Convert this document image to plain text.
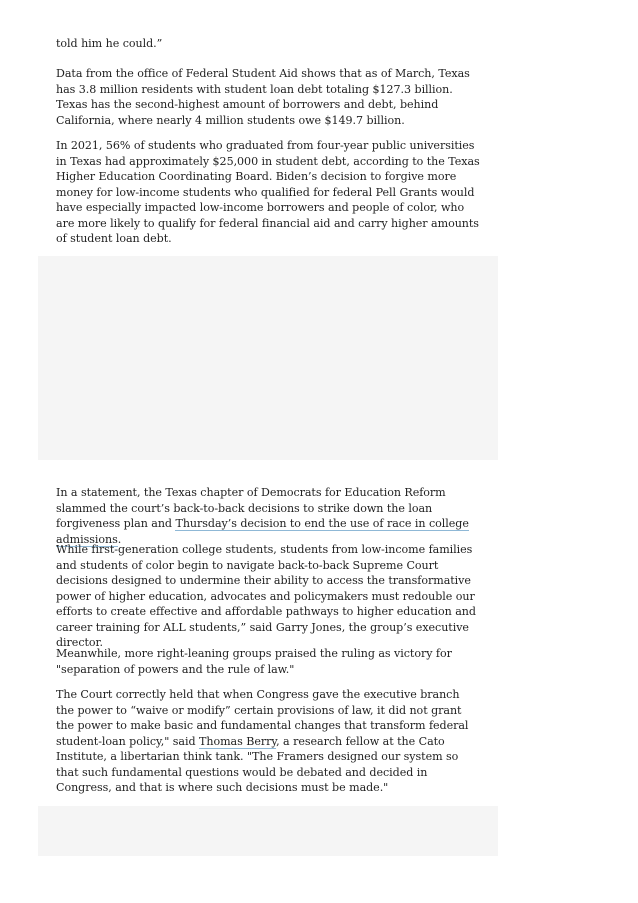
told him he could.”

Data from the office of Federal Student Aid shows that as of March, Texas has 3.8 million residents with student loan debt totaling $127.3 billion. Texas has the second-highest amount of borrowers and debt, behind California, where nearly 4 million students owe $149.7 billion.

In 2021, 56% of students who graduated from four-year public universities in Texas had approximately $25,000 in student debt, according to the Texas Higher Education Coordinating Board. Biden’s decision to forgive more money for low-income students who qualified for federal Pell Grants would have especially impacted low-income borrowers and people of color, who are more likely to qualify for federal financial aid and carry higher amounts of student loan debt.

In a statement, the Texas chapter of Democrats for Education Reform slammed the court’s back-to-back decisions to strike down the loan forgiveness plan and Thursday’s decision to end the use of race in college admissions.

While first-generation college students, students from low-income families and students of color begin to navigate back-to-back Supreme Court decisions designed to undermine their ability to access the transformative power of higher education, advocates and policymakers must redouble our efforts to create effective and affordable pathways to higher education and career training for ALL students,” said Garry Jones, the group’s executive director.

Meanwhile, more right-leaning groups praised the ruling as victory for "separation of powers and the rule of law."

The Court correctly held that when Congress gave the executive branch the power to “waive or modify” certain provisions of law, it did not grant the power to make basic and fundamental changes that transform federal student-loan policy," said Thomas Berry, a research fellow at the Cato Institute, a libertarian think tank. "The Framers designed our system so that such fundamental questions would be debated and decided in Congress, and that is where such decisions must be made."
